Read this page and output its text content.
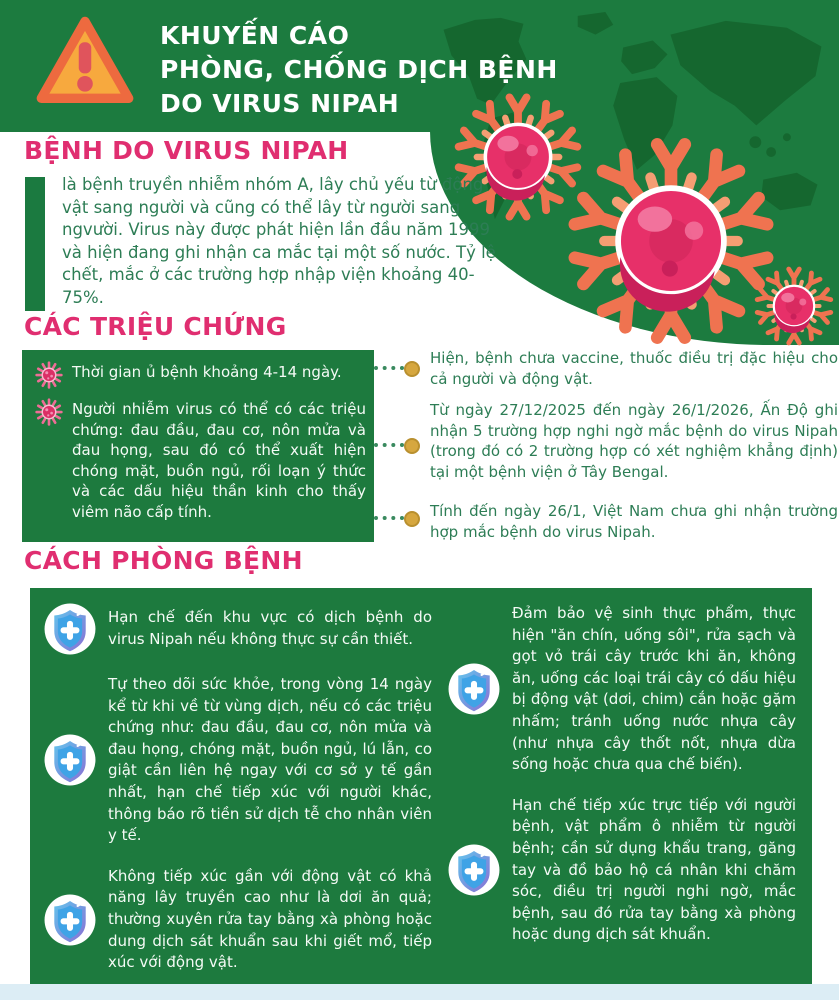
KHUYẾN CÁO
PHÒNG, CHỐNG DỊCH BỆNH
DO VIRUS NIPAH
BỆNH DO VIRUS NIPAH
là bệnh truyền nhiễm nhóm A, lây chủ yếu từ động vật sang người và cũng có thể lây từ người sang ngvười. Virus này được phát hiện lần đầu năm 1999 và hiện đang ghi nhận ca mắc tại một số nước. Tỷ lệ chết, mắc ở các trường hợp nhập viện khoảng 40-75%.
CÁC TRIỆU CHỨNG

Thời gian ủ bệnh khoảng 4-14 ngày.

Người nhiễm virus có thể có các triệu chứng: đau đầu, đau cơ, nôn mửa và đau họng, sau đó có thể xuất hiện chóng mặt, buồn ngủ, rối loạn ý thức và các dấu hiệu thần kinh cho thấy viêm não cấp tính.

Hiện, bệnh chưa vaccine, thuốc điều trị đặc hiệu cho cả người và động vật.

Từ ngày 27/12/2025 đến ngày 26/1/2026, Ấn Độ ghi nhận 5 trường hợp nghi ngờ mắc bệnh do virus Nipah (trong đó có 2 trường hợp có xét nghiệm khẳng định) tại một bệnh viện ở Tây Bengal.

Tính đến ngày 26/1, Việt Nam chưa ghi nhận trường hợp mắc bệnh do virus Nipah.

CÁCH PHÒNG BỆNH

Hạn chế đến khu vực có dịch bệnh do virus Nipah nếu không thực sự cần thiết.

Tự theo dõi sức khỏe, trong vòng 14 ngày kể từ khi về từ vùng dịch, nếu có các triệu chứng như: đau đầu, đau cơ, nôn mửa và đau họng, chóng mặt, buồn ngủ, lú lẫn, co giật cần liên hệ ngay với cơ sở y tế gần nhất, hạn chế tiếp xúc với người khác, thông báo rõ tiền sử dịch tễ cho nhân viên y tế.

Không tiếp xúc gần với động vật có khả năng lây truyền cao như là dơi ăn quả; thường xuyên rửa tay bằng xà phòng hoặc dung dịch sát khuẩn sau khi giết mổ, tiếp xúc với động vật.

Đảm bảo vệ sinh thực phẩm, thực hiện "ăn chín, uống sôi", rửa sạch và gọt vỏ trái cây trước khi ăn, không ăn, uống các loại trái cây có dấu hiệu bị động vật (dơi, chim) cắn hoặc gặm nhấm; tránh uống nước nhựa cây (như nhựa cây thốt nốt, nhựa dừa sống hoặc chưa qua chế biến).

Hạn chế tiếp xúc trực tiếp với người bệnh, vật phẩm ô nhiễm từ người bệnh; cần sử dụng khẩu trang, găng tay và đồ bảo hộ cá nhân khi chăm sóc, điều trị người nghi ngờ, mắc bệnh, sau đó rửa tay bằng xà phòng hoặc dung dịch sát khuẩn.
